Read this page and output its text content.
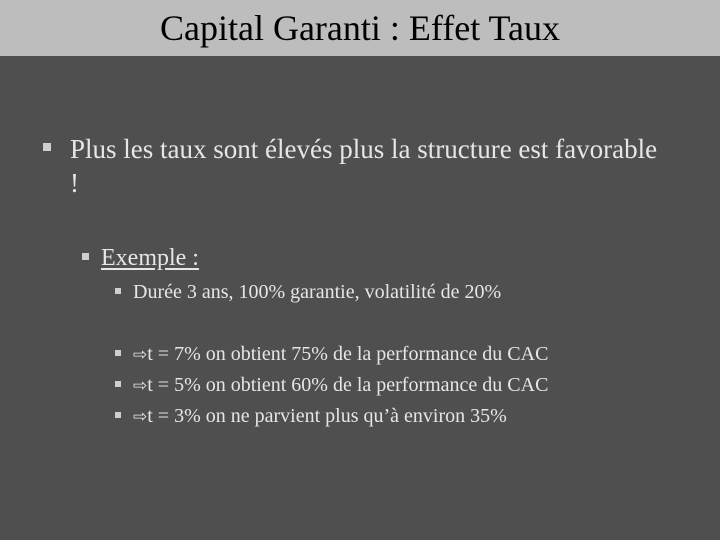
Capital Garanti : Effet Taux
Plus les taux sont élevés plus la structure est favorable !
Exemple :
Durée 3 ans, 100% garantie, volatilité de 20%
⇨t = 7% on obtient 75% de la performance du CAC
⇨t = 5% on obtient 60% de la performance du CAC
⇨t = 3% on ne parvient plus qu’à environ 35%
